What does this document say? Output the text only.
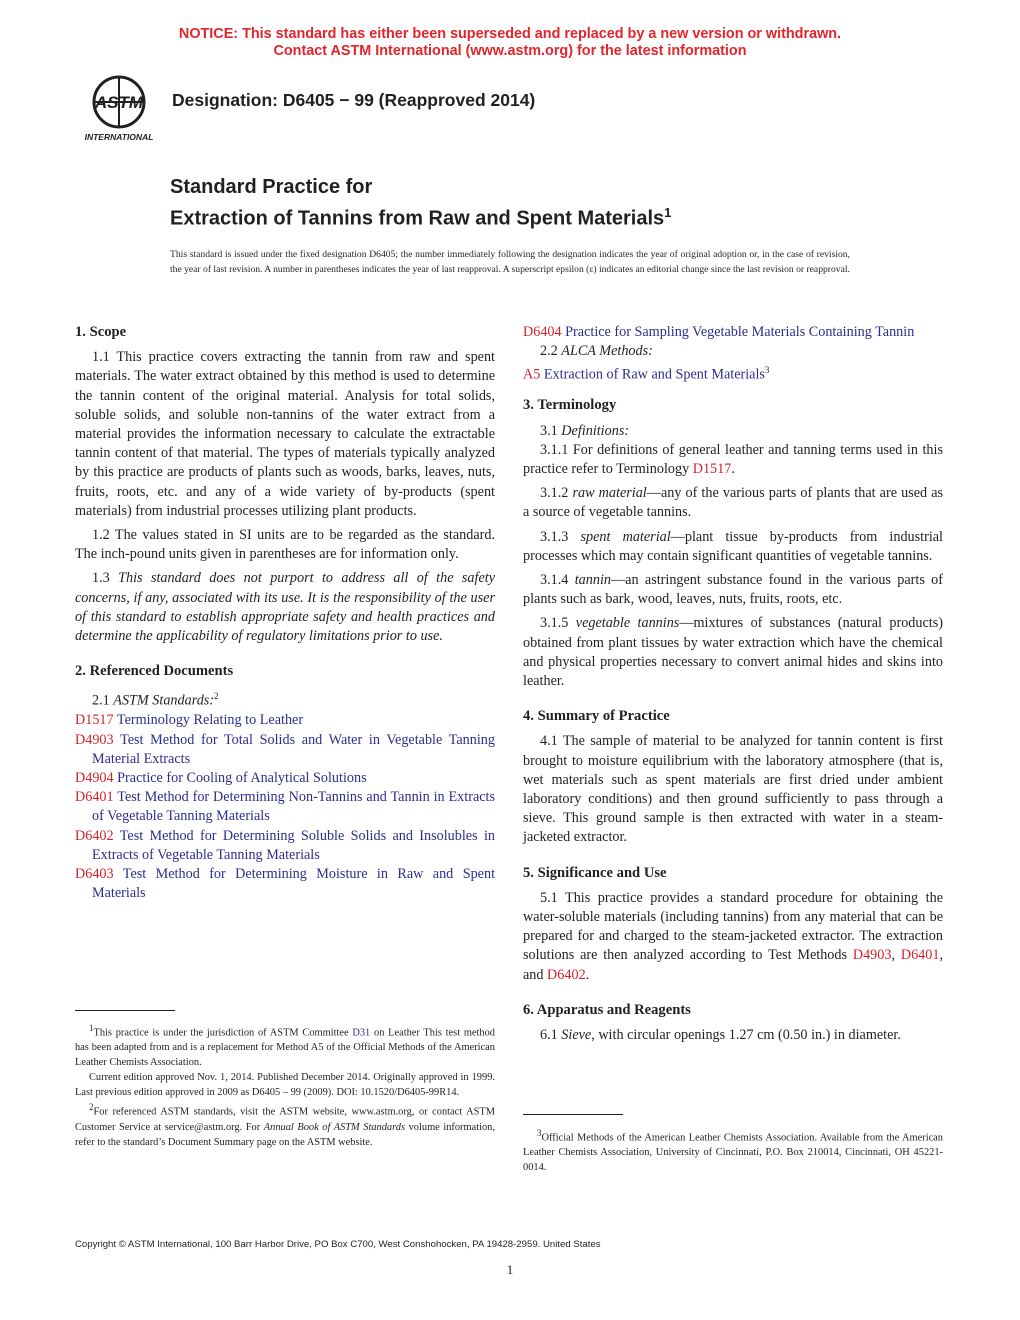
NOTICE: This standard has either been superseded and replaced by a new version or withdrawn.
Contact ASTM International (www.astm.org) for the latest information
ASTM
INTERNATIONAL
Designation: D6405 − 99 (Reapproved 2014)
Standard Practice for
Extraction of Tannins from Raw and Spent Materials$^1$
This standard is issued under the fixed designation D6405; the number immediately following the designation indicates the year of original adoption or, in the case of revision, the year of last revision. A number in parentheses indicates the year of last reapproval. A superscript epsilon (ε) indicates an editorial change since the last revision or reapproval.
1. Scope

1.1 This practice covers extracting the tannin from raw and spent materials. The water extract obtained by this method is used to determine the tannin content of the original material. Analysis for total solids, soluble solids, and soluble non-tannins of the water extract from a material provides the information necessary to calculate the extractable tannin content of that material. The types of materials typically analyzed by this practice are products of plants such as woods, barks, leaves, nuts, fruits, roots, etc. and any of a wide variety of by-products (spent materials) from industrial processes utilizing plant products.

1.2 The values stated in SI units are to be regarded as the standard. The inch-pound units given in parentheses are for information only.

1.3 This standard does not purport to address all of the safety concerns, if any, associated with its use. It is the responsibility of the user of this standard to establish appropriate safety and health practices and determine the applicability of regulatory limitations prior to use.

2. Referenced Documents

2.1 ASTM Standards:$^2$

D1517 Terminology Relating to Leather
D4903 Test Method for Total Solids and Water in Vegetable Tanning Material Extracts
D4904 Practice for Cooling of Analytical Solutions
D6401 Test Method for Determining Non-Tannins and Tannin in Extracts of Vegetable Tanning Materials
D6402 Test Method for Determining Soluble Solids and Insolubles in Extracts of Vegetable Tanning Materials
D6403 Test Method for Determining Moisture in Raw and Spent Materials

$^1$This practice is under the jurisdiction of ASTM Committee D31 on Leather This test method has been adapted from and is a replacement for Method A5 of the Official Methods of the American Leather Chemists Association.

Current edition approved Nov. 1, 2014. Published December 2014. Originally approved in 1999. Last previous edition approved in 2009 as D6405 – 99 (2009). DOI: 10.1520/D6405-99R14.

$^2$For referenced ASTM standards, visit the ASTM website, www.astm.org, or contact ASTM Customer Service at service@astm.org. For Annual Book of ASTM Standards volume information, refer to the standard’s Document Summary page on the ASTM website.

D6404 Practice for Sampling Vegetable Materials Containing Tannin

2.2 ALCA Methods:

A5 Extraction of Raw and Spent Materials$^3$
3. Terminology

3.1 Definitions:

3.1.1 For definitions of general leather and tanning terms used in this practice refer to Terminology D1517.

3.1.2 raw material—any of the various parts of plants that are used as a source of vegetable tannins.

3.1.3 spent material—plant tissue by-products from industrial processes which may contain significant quantities of vegetable tannins.

3.1.4 tannin—an astringent substance found in the various parts of plants such as bark, wood, leaves, nuts, fruits, roots, etc.

3.1.5 vegetable tannins—mixtures of substances (natural products) obtained from plant tissues by water extraction which have the chemical and physical properties necessary to convert animal hides and skins into leather.

4. Summary of Practice

4.1 The sample of material to be analyzed for tannin content is first brought to moisture equilibrium with the laboratory atmosphere (that is, wet materials such as spent materials are first dried under ambient laboratory conditions) and then ground sufficiently to pass through a sieve. This ground sample is then extracted with water in a steam-jacketed extractor.

5. Significance and Use

5.1 This practice provides a standard procedure for obtaining the water-soluble materials (including tannins) from any material that can be prepared for and charged to the steam-jacketed extractor. The extraction solutions are then analyzed according to Test Methods D4903, D6401, and D6402.

6. Apparatus and Reagents

6.1 Sieve, with circular openings 1.27 cm (0.50 in.) in diameter.

$^3$Official Methods of the American Leather Chemists Association. Available from the American Leather Chemists Association, University of Cincinnati, P.O. Box 210014, Cincinnati, OH 45221-0014.

Copyright © ASTM International, 100 Barr Harbor Drive, PO Box C700, West Conshohocken, PA 19428-2959. United States
1
